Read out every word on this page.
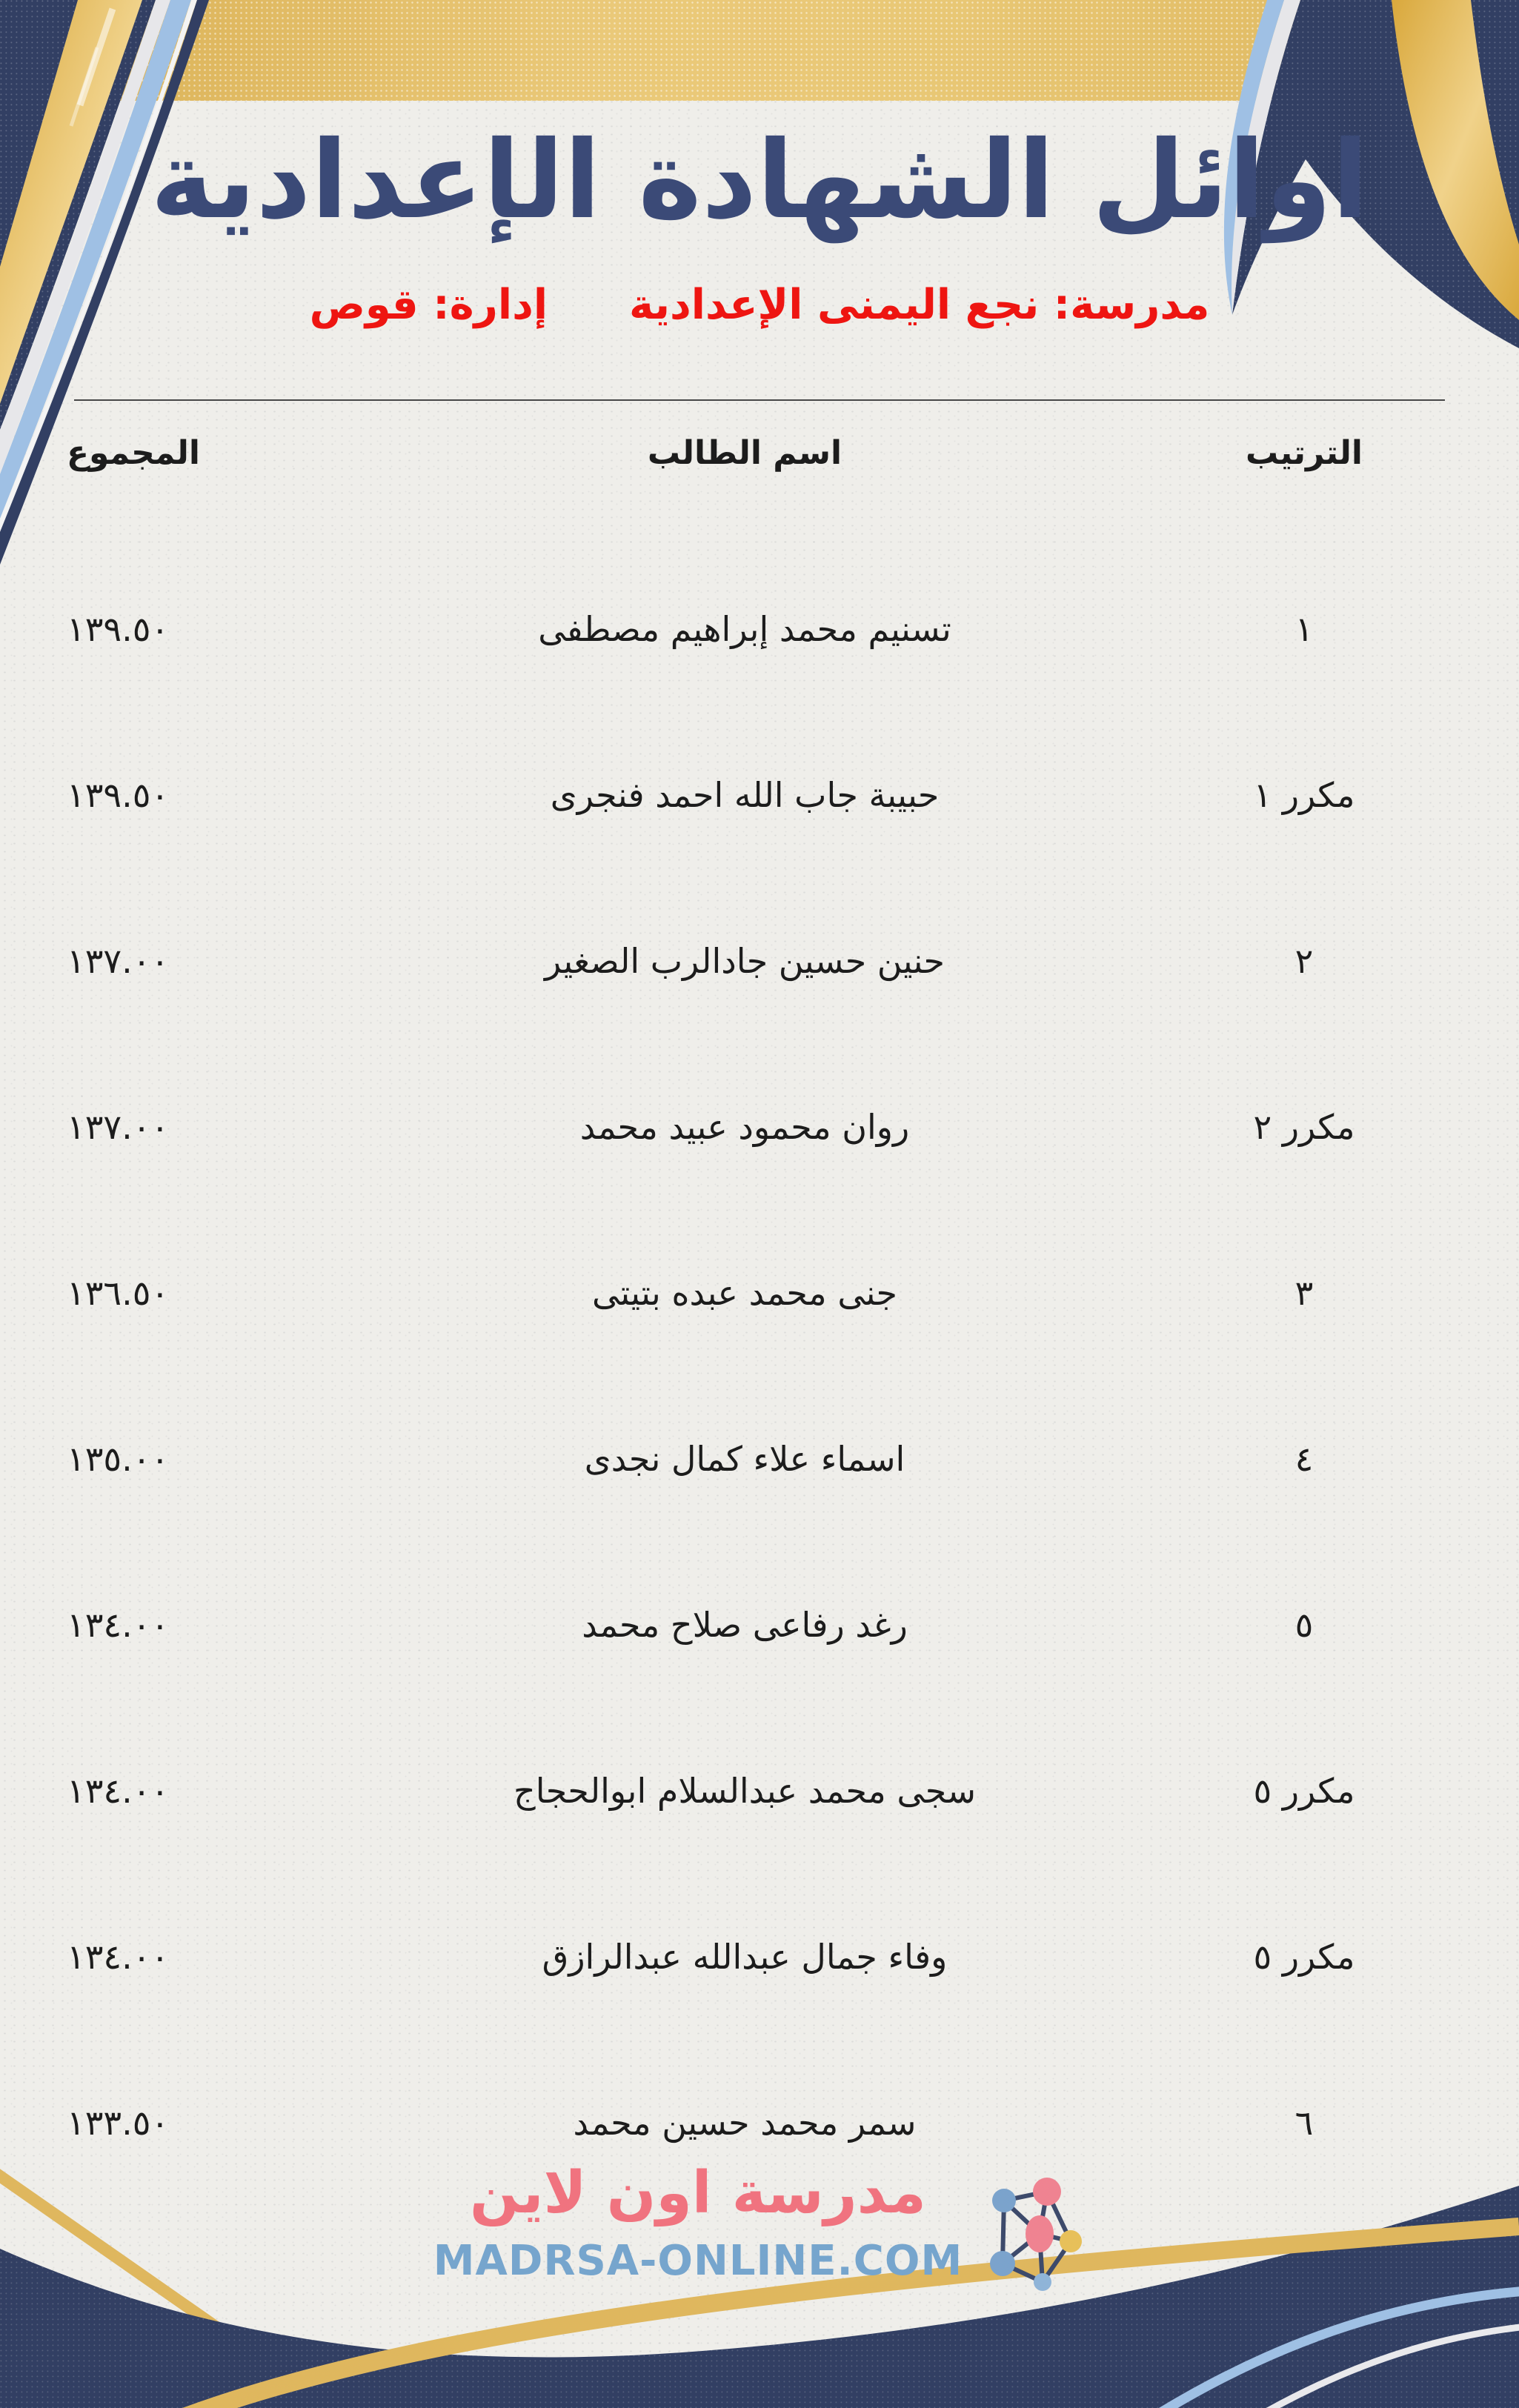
اوائل الشهادة الإعدادية
مدرسة: نجع اليمنى الإعدادية
إدارة: قوص
الترتيب
اسم الطالب
المجموع
١
تسنيم محمد إبراهيم مصطفى
١٣٩.٥٠
مكرر ١
حبيبة جاب الله احمد فنجرى
١٣٩.٥٠
٢
حنين حسين جادالرب الصغير
١٣٧.٠٠
مكرر ٢
روان محمود عبيد محمد
١٣٧.٠٠
٣
جنى محمد عبده بتيتى
١٣٦.٥٠
٤
اسماء علاء كمال نجدى
١٣٥.٠٠
٥
رغد رفاعى صلاح محمد
١٣٤.٠٠
مكرر ٥
سجى محمد عبدالسلام ابوالحجاج
١٣٤.٠٠
مكرر ٥
وفاء جمال عبدالله عبدالرازق
١٣٤.٠٠
٦
سمر محمد حسين محمد
١٣٣.٥٠
مدرسة اون لاين
MADRSA-ONLINE.COM
